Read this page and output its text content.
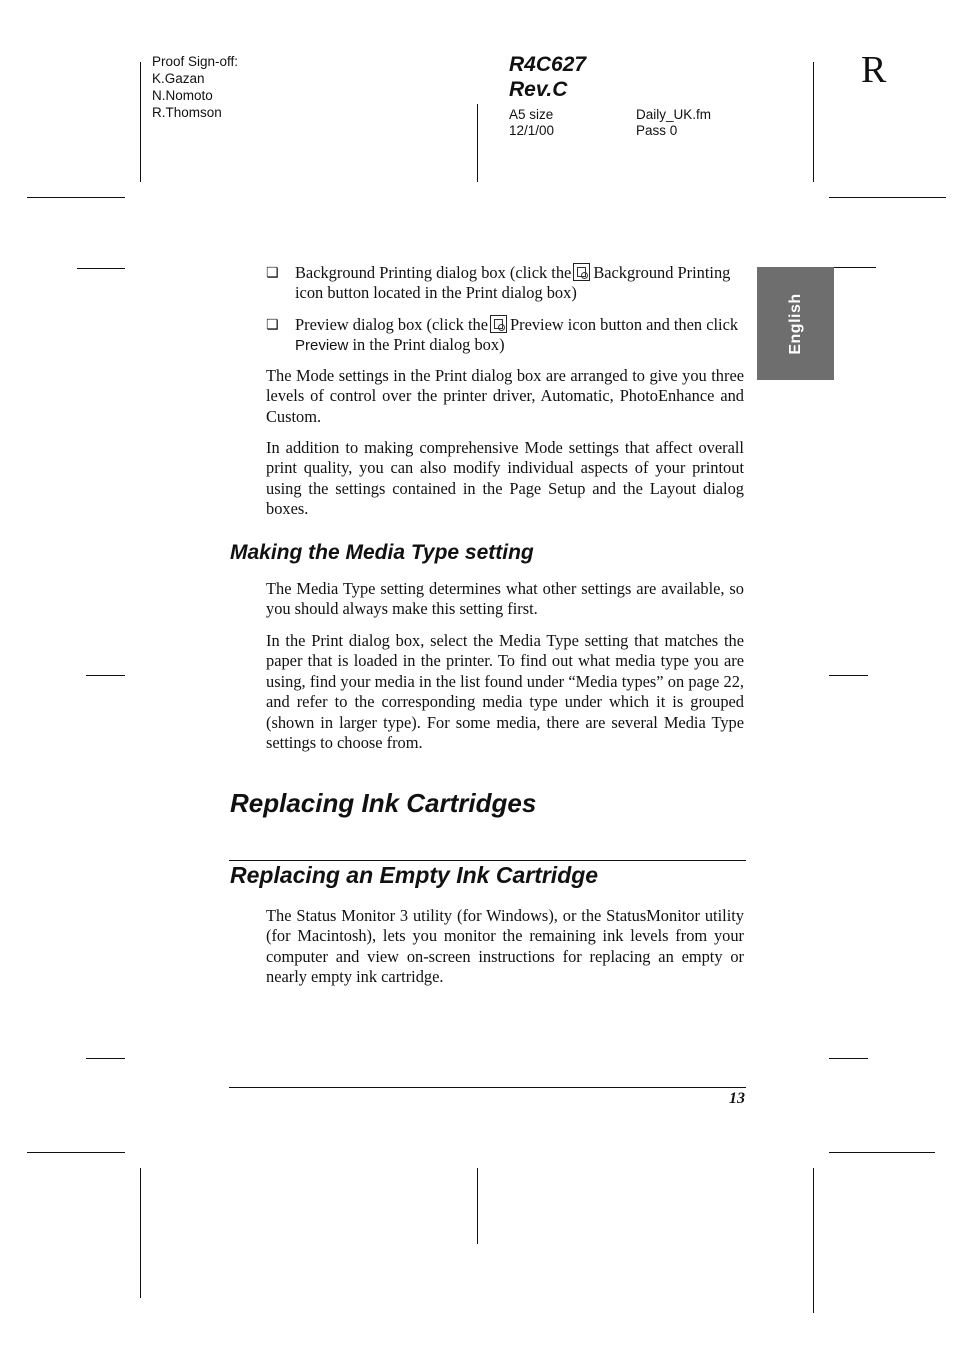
Proof Sign-off:
K.Gazan
N.Nomoto
R.Thomson
R4C627
Rev.C
A5 size
12/1/00
Daily_UK.fm
Pass 0
R
English
❏ Background Printing dialog box (click the Background Printing icon button located in the Print dialog box)
❏ Preview dialog box (click the Preview icon button and then click Preview in the Print dialog box)
The Mode settings in the Print dialog box are arranged to give you three levels of control over the printer driver, Automatic, PhotoEnhance and Custom.
In addition to making comprehensive Mode settings that affect overall print quality, you can also modify individual aspects of your printout using the settings contained in the Page Setup and the Layout dialog boxes.
Making the Media Type setting
The Media Type setting determines what other settings are available, so you should always make this setting first.
In the Print dialog box, select the Media Type setting that matches the paper that is loaded in the printer. To find out what media type you are using, find your media in the list found under “Media types” on page 22, and refer to the corresponding media type under which it is grouped (shown in larger type). For some media, there are several Media Type settings to choose from.
Replacing Ink Cartridges
Replacing an Empty Ink Cartridge
The Status Monitor 3 utility (for Windows), or the StatusMonitor utility (for Macintosh), lets you monitor the remaining ink levels from your computer and view on-screen instructions for replacing an empty or nearly empty ink cartridge.
13
